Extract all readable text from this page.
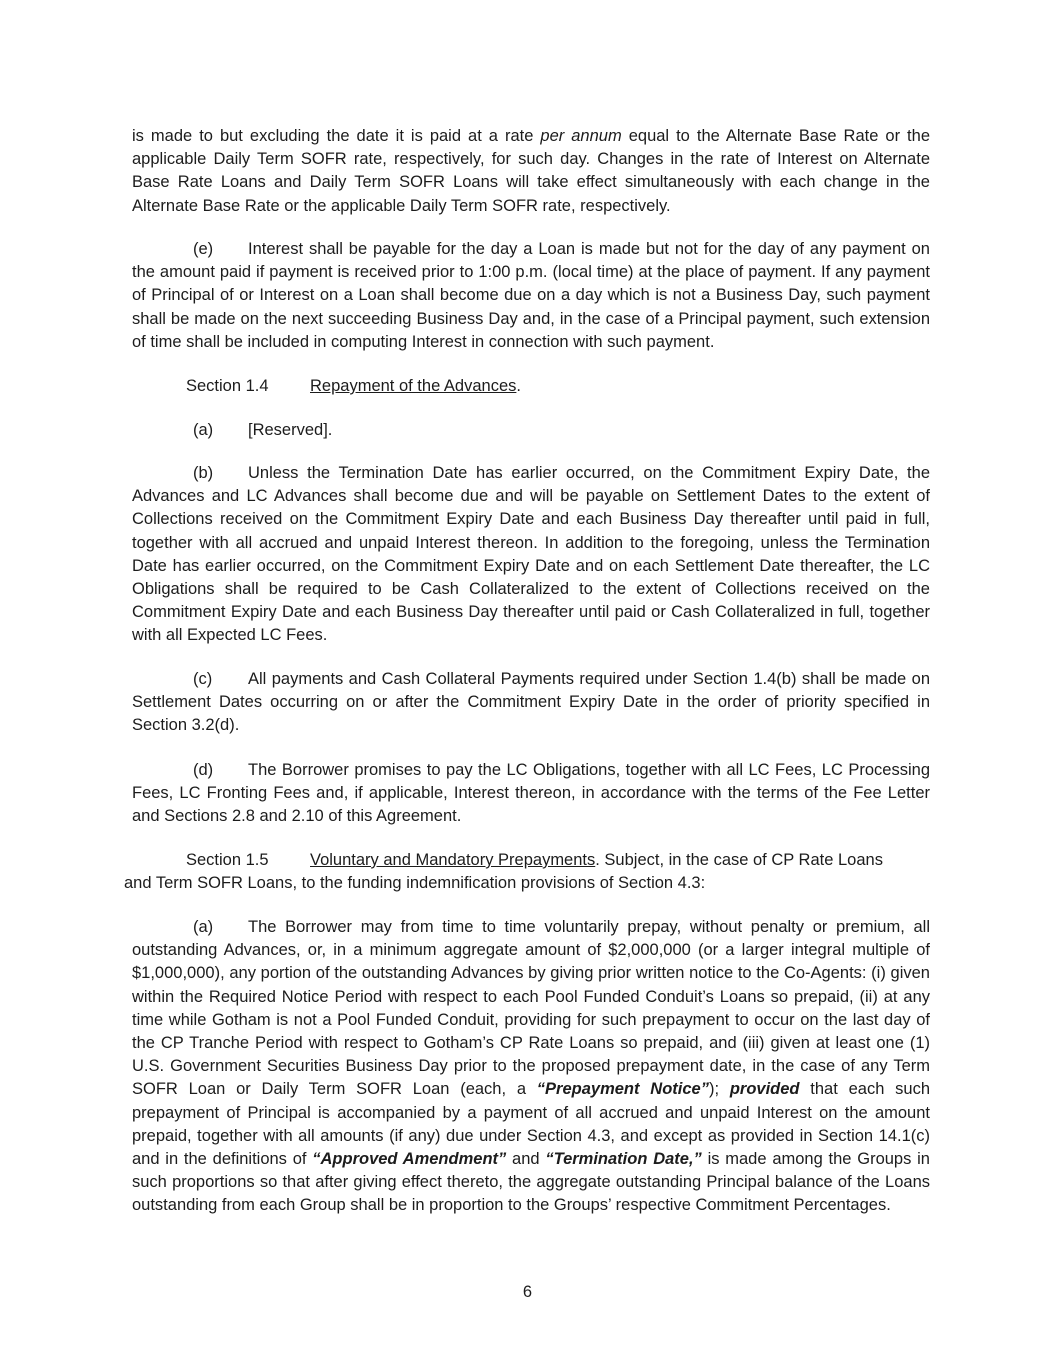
is made to but excluding the date it is paid at a rate per annum equal to the Alternate Base Rate or the applicable Daily Term SOFR rate, respectively, for such day. Changes in the rate of Interest on Alternate Base Rate Loans and Daily Term SOFR Loans will take effect simultaneously with each change in the Alternate Base Rate or the applicable Daily Term SOFR rate, respectively.

(e) Interest shall be payable for the day a Loan is made but not for the day of any payment on the amount paid if payment is received prior to 1:00 p.m. (local time) at the place of payment. If any payment of Principal of or Interest on a Loan shall become due on a day which is not a Business Day, such payment shall be made on the next succeeding Business Day and, in the case of a Principal payment, such extension of time shall be included in computing Interest in connection with such payment.

Section 1.4	Repayment of the Advances.

(a) [Reserved].

(b) Unless the Termination Date has earlier occurred, on the Commitment Expiry Date, the Advances and LC Advances shall become due and will be payable on Settlement Dates to the extent of Collections received on the Commitment Expiry Date and each Business Day thereafter until paid in full, together with all accrued and unpaid Interest thereon. In addition to the foregoing, unless the Termination Date has earlier occurred, on the Commitment Expiry Date and on each Settlement Date thereafter, the LC Obligations shall be required to be Cash Collateralized to the extent of Collections received on the Commitment Expiry Date and each Business Day thereafter until paid or Cash Collateralized in full, together with all Expected LC Fees.

(c) All payments and Cash Collateral Payments required under Section 1.4(b) shall be made on Settlement Dates occurring on or after the Commitment Expiry Date in the order of priority specified in Section 3.2(d).

(d) The Borrower promises to pay the LC Obligations, together with all LC Fees, LC Processing Fees, LC Fronting Fees and, if applicable, Interest thereon, in accordance with the terms of the Fee Letter and Sections 2.8 and 2.10 of this Agreement.

Section 1.5	Voluntary and Mandatory Prepayments. Subject, in the case of CP Rate Loans

and Term SOFR Loans, to the funding indemnification provisions of Section 4.3:

(a) The Borrower may from time to time voluntarily prepay, without penalty or premium, all outstanding Advances, or, in a minimum aggregate amount of $2,000,000 (or a larger integral multiple of $1,000,000), any portion of the outstanding Advances by giving prior written notice to the Co-Agents: (i) given within the Required Notice Period with respect to each Pool Funded Conduit’s Loans so prepaid, (ii) at any time while Gotham is not a Pool Funded Conduit, providing for such prepayment to occur on the last day of the CP Tranche Period with respect to Gotham’s CP Rate Loans so prepaid, and (iii) given at least one (1) U.S. Government Securities Business Day prior to the proposed prepayment date, in the case of any Term SOFR Loan or Daily Term SOFR Loan (each, a “Prepayment Notice”); provided that each such prepayment of Principal is accompanied by a payment of all accrued and unpaid Interest on the amount prepaid, together with all amounts (if any) due under Section 4.3, and except as provided in Section 14.1(c) and in the definitions of “Approved Amendment” and “Termination Date,” is made among the Groups in such proportions so that after giving effect thereto, the aggregate outstanding Principal balance of the Loans outstanding from each Group shall be in proportion to the Groups’ respective Commitment Percentages.

6
